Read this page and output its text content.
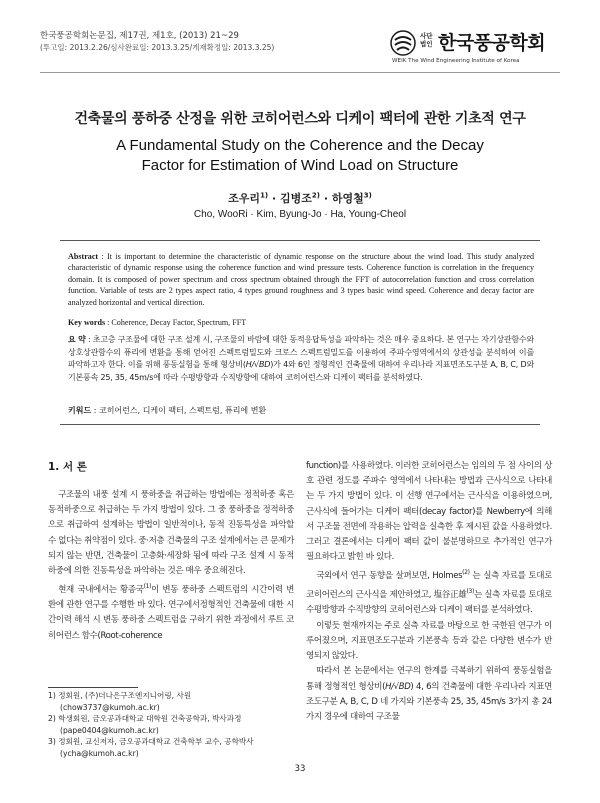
한국풍공학회논문집, 제17권, 제1호, (2013) 21~29
(투고일: 2013.2.26/심사완료일: 2013.3.25/게재확정일: 2013.3.25)
사단법인 한국풍공학회
WEIK The Wind Engineering Institute of Korea
건축물의 풍하중 산정을 위한 코히어런스와 디케이 팩터에 관한 기초적 연구
A Fundamental Study on the Coherence and the Decay
Factor for Estimation of Wind Load on Structure
조우리$^{1)}$ · 김병조$^{2)}$ · 하영철$^{3)}$
Cho, WooRi · Kim, Byung-Jo · Ha, Young-Cheol
Abstract : It is important to determine the characteristic of dynamic response on the structure about the wind load. This study analyzed characteristic of dynamic response using the coherence function and wind pressure tests. Coherence function is correlation in the frequency domain. It is composed of power spectrum and cross spectrum obtained through the FFT of autocorrelation function and cross correlation function. Variable of tests are 2 types aspect ratio, 4 types ground roughness and 3 types basic wind speed. Coherence and decay factor are analyzed horizontal and vertical direction.
Key words : Coherence, Decay Factor, Spectrum, FFT
요 약 : 초고층 구조물에 대한 구조 설계 시, 구조물의 바람에 대한 동적응답특성을 파악하는 것은 매우 중요하다. 본 연구는 자기상관함수와 상호상관함수의 퓨리에 변환을 통해 얻어진 스펙트럼밀도와 크로스 스펙트럼밀도를 이용하여 주파수영역에서의 상관성을 분석하여 이를 파악하고자 한다. 이를 위해 풍동실험을 통해 형상비(H/√BD)가 4와 6인 정형적인 건축물에 대하여 우리나라 지표면조도구분 A, B, C, D와 기본풍속 25, 35, 45m/s에 따라 수평방향과 수직방향에 대하여 코히어런스와 디케이 팩터를 분석하였다.
키워드 : 코히어런스, 디케이 팩터, 스펙트럼, 퓨리에 변환
1. 서 론

구조물의 내풍 설계 시 풍하중을 취급하는 방법에는 정적하중 혹은 동적하중으로 취급하는 두 가지 방법이 있다. 그 중 풍하중을 정적하중으로 취급하여 설계하는 방법이 일반적이나, 동적 진동특성을 파악할 수 없다는 취약점이 있다. 중·저층 건축물의 구조 설계에서는 큰 문제가 되지 않는 반면, 건축물이 고층화·세장화 됨에 따라 구조 설계 시 동적하중에 의한 진동특성을 파악하는 것은 매우 중요해진다.

현재 국내에서는 황종국$^{(1)}$이 변동 풍하중 스펙트럼의 시간이력 변환에 관한 연구를 수행한 바 있다. 연구에서정형적인 건축물에 대한 시간이력 해석 시 변동 풍하중 스펙트럼을 구하기 위한 과정에서 루트 코히어런스 함수(Root-coherence

1) 정회원, (주)더나은구조엔지니어링, 사원
(chow3737@kumoh.ac.kr)
2) 학생회원, 금오공과대학교 대학원 건축공학과, 박사과정
(pape0404@kumoh.ac.kr)
3) 정회원, 교신저자, 금오공과대학교 건축학부 교수, 공학박사
(ycha@kumoh.ac.kr)

function)를 사용하였다. 이러한 코히어런스는 임의의 두 점 사이의 상호 관련 정도를 주파수 영역에서 나타내는 방법과 근사식으로 나타내는 두 가지 방법이 있다. 이 선행 연구에서는 근사식을 이용하였으며, 근사식에 들어가는 디케이 팩터(decay factor)를 Newberry에 의해서 구조물 전면에 작용하는 압력을 실측한 후 제시된 값을 사용하였다. 그러고 결론에서는 디케이 팩터 값이 불분명하므로 추가적인 연구가 필요하다고 밝힌 바 있다.

국외에서 연구 동향을 살펴보면, Holmes$^{(2)}$ 는 실측 자료를 토대로 코히어런스의 근사식을 제안하였고, 塩谷正雄$^{(3)}$는 실측 자료를 토대로 수평방향과 수직방향의 코히어런스와 디케이 팩터를 분석하였다.

이렇듯 현재까지는 주로 실측 자료를 바탕으로 한 국한된 연구가 이루어졌으며, 지표면조도구분과 기본풍속 등과 같은 다양한 변수가 반영되지 않았다.

따라서 본 논문에서는 연구의 한계를 극복하기 위하여 풍동실험을 통해 정형적인 형상비(H/√BD) 4, 6의 건축물에 대한 우리나라 지표면조도구분 A, B, C, D 네 가지와 기본풍속 25, 35, 45m/s 3가지 총 24가지 경우에 대하여 구조물

33
